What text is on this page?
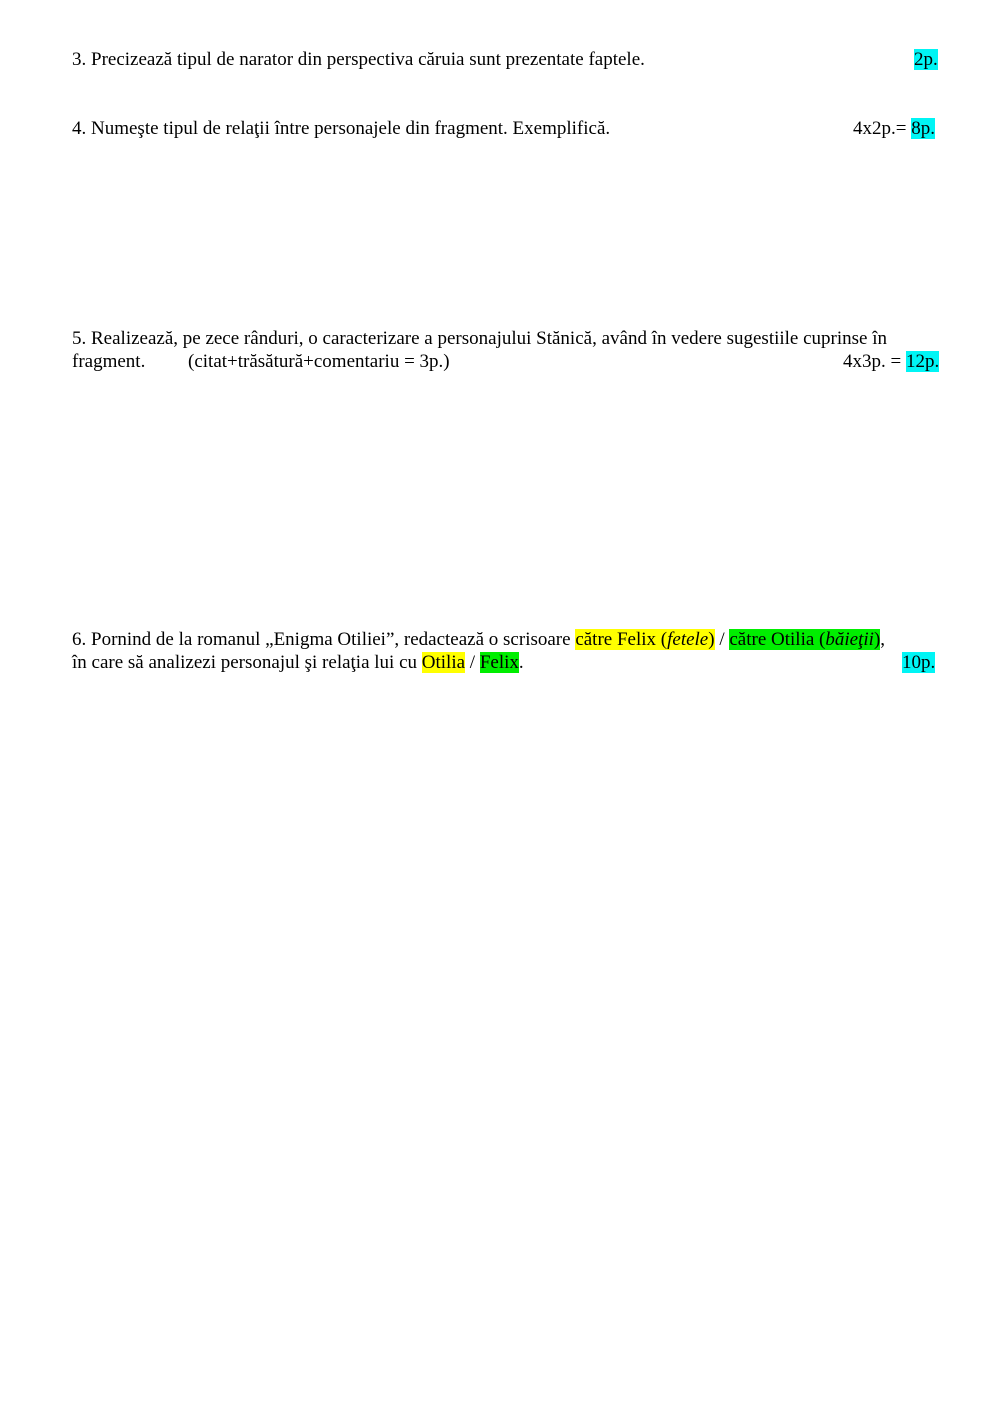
3. Precizează tipul de narator din perspectiva căruia sunt prezentate faptele.	2p.
4. Numeşte tipul de relaţii între personajele din fragment. Exemplifică.	4x2p.= 8p.
5. Realizează, pe zece rânduri, o caracterizare a personajului Stănică, având în vedere sugestiile cuprinse în
fragment. (citat+trăsătură+comentariu = 3p.)	4x3p. = 12p.
6. Pornind de la romanul „Enigma Otiliei”, redactează o scrisoare către Felix (fetele) / către Otilia (băieţii),
în care să analizezi personajul şi relaţia lui cu Otilia / Felix.	10p.
